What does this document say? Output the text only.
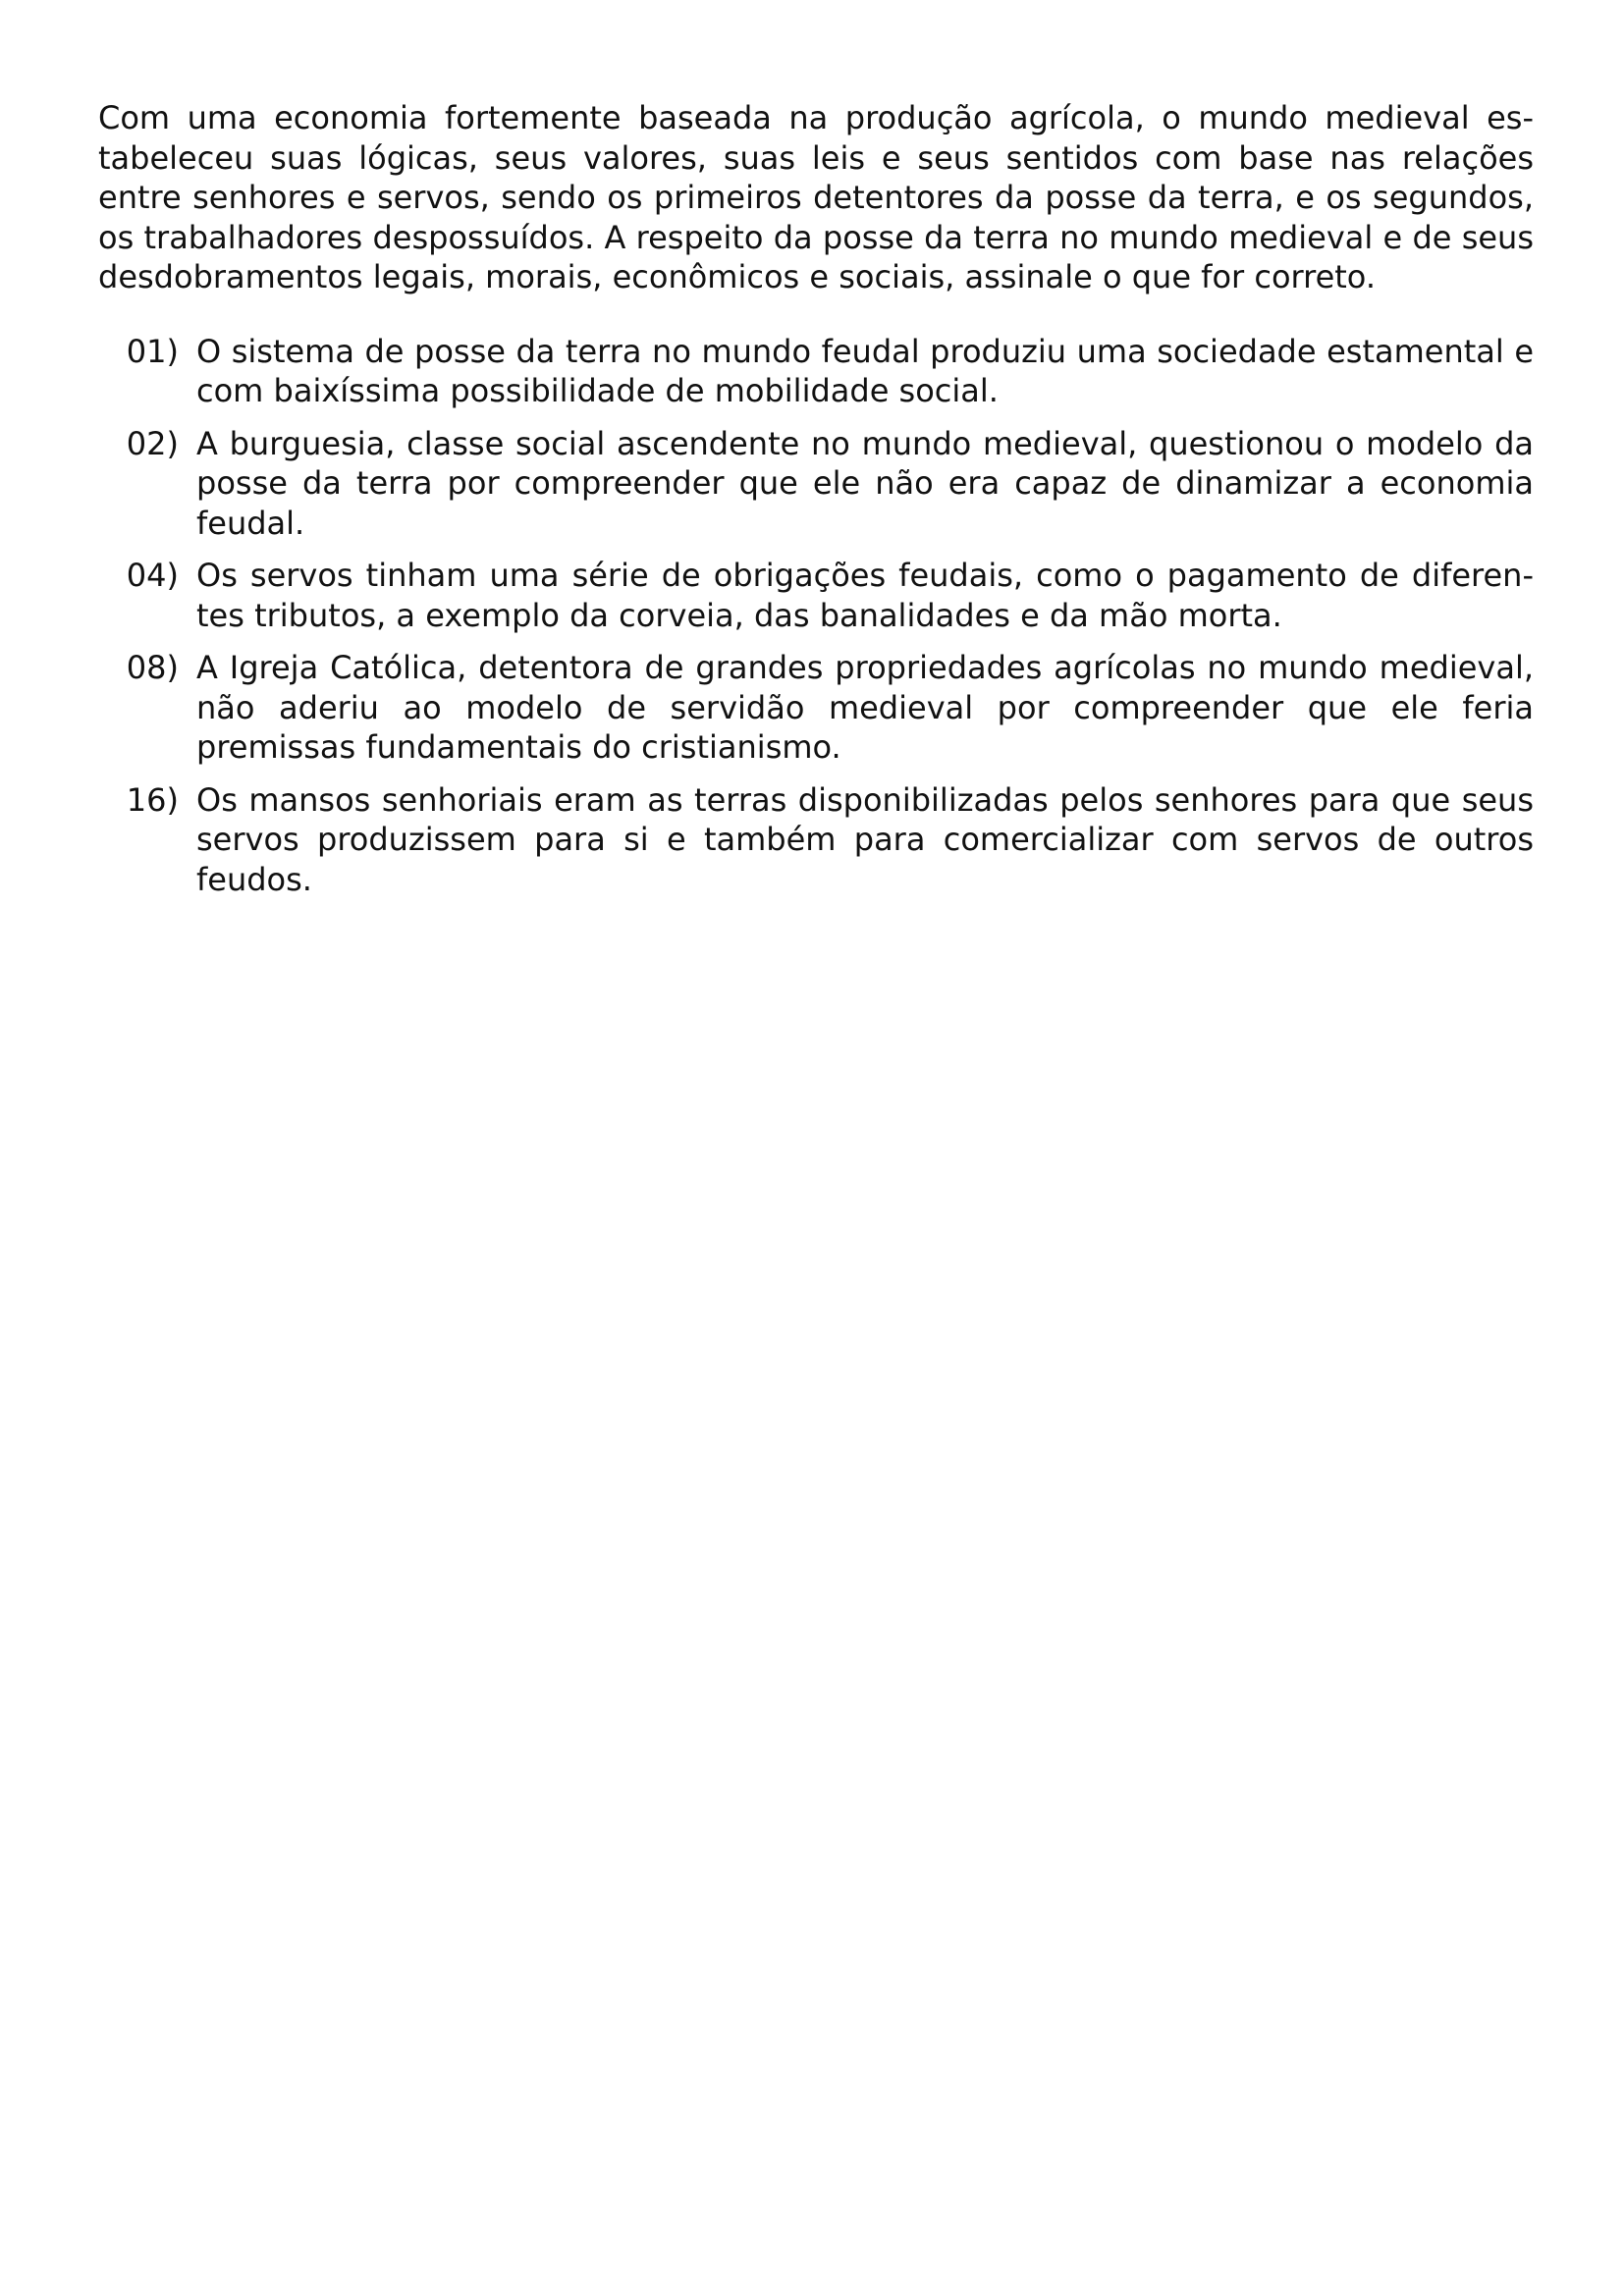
Com uma economia fortemente baseada na produção agrícola, o mundo medieval estabeleceu suas lógicas, seus valores, suas leis e seus sentidos com base nas relações entre senhores e servos, sendo os primeiros detentores da posse da terra, e os segundos, os trabalhadores despossuídos. A respeito da posse da terra no mundo medieval e de seus desdobramentos legais, morais, econômicos e sociais, assinale o que for correto.

01) O sistema de posse da terra no mundo feudal produziu uma sociedade estamental e com baixíssima possibilidade de mobilidade social.
02) A burguesia, classe social ascendente no mundo medieval, questionou o modelo da posse da terra por compreender que ele não era capaz de dinamizar a economia feudal.
04) Os servos tinham uma série de obrigações feudais, como o pagamento de diferentes tributos, a exemplo da corveia, das banalidades e da mão morta.
08) A Igreja Católica, detentora de grandes propriedades agrícolas no mundo medieval, não aderiu ao modelo de servidão medieval por compreender que ele feria premissas fundamentais do cristianismo.
16) Os mansos senhoriais eram as terras disponibilizadas pelos senhores para que seus servos produzissem para si e também para comercializar com servos de outros feudos.
